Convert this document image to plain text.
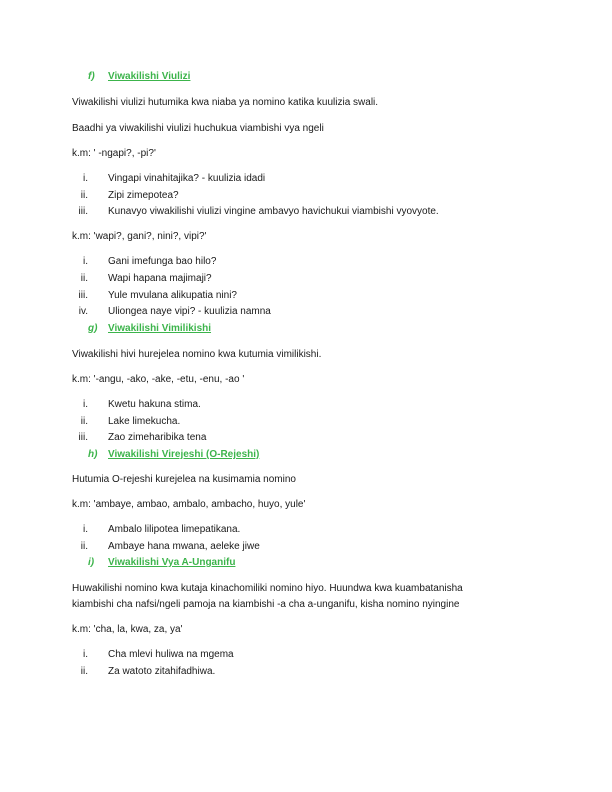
f) Viwakilishi Viulizi
Viwakilishi viulizi hutumika kwa niaba ya nomino katika kuulizia swali.
Baadhi ya viwakilishi viulizi huchukua viambishi vya ngeli
k.m: ' -ngapi?, -pi?'
i. Vingapi vinahitajika? - kuulizia idadi
ii. Zipi zimepotea?
iii. Kunavyo viwakilishi viulizi vingine ambavyo havichukui viambishi vyovyote.
k.m: 'wapi?, gani?, nini?, vipi?'
i. Gani imefunga bao hilo?
ii. Wapi hapana majimaji?
iii. Yule mvulana alikupatia nini?
iv. Uliongea naye vipi? - kuulizia namna
g) Viwakilishi Vimilikishi
Viwakilishi hivi hurejelea nomino kwa kutumia vimilikishi.
k.m: '-angu, -ako, -ake, -etu, -enu, -ao '
i. Kwetu hakuna stima.
ii. Lake limekucha.
iii. Zao zimeharibika tena
h) Viwakilishi Virejeshi (O-Rejeshi)
Hutumia O-rejeshi kurejelea na kusimamia nomino
k.m: 'ambaye, ambao, ambalo, ambacho, huyo, yule'
i. Ambalo lilipotea limepatikana.
ii. Ambaye hana mwana, aeleke jiwe
i) Viwakilishi Vya A-Unganifu
Huwakilishi nomino kwa kutaja kinachomiliki nomino hiyo. Huundwa kwa kuambatanisha
kiambishi cha nafsi/ngeli pamoja na kiambishi -a cha a-unganifu, kisha nomino nyingine
k.m: 'cha, la, kwa, za, ya'
i. Cha mlevi huliwa na mgema
ii. Za watoto zitahifadhiwa.
